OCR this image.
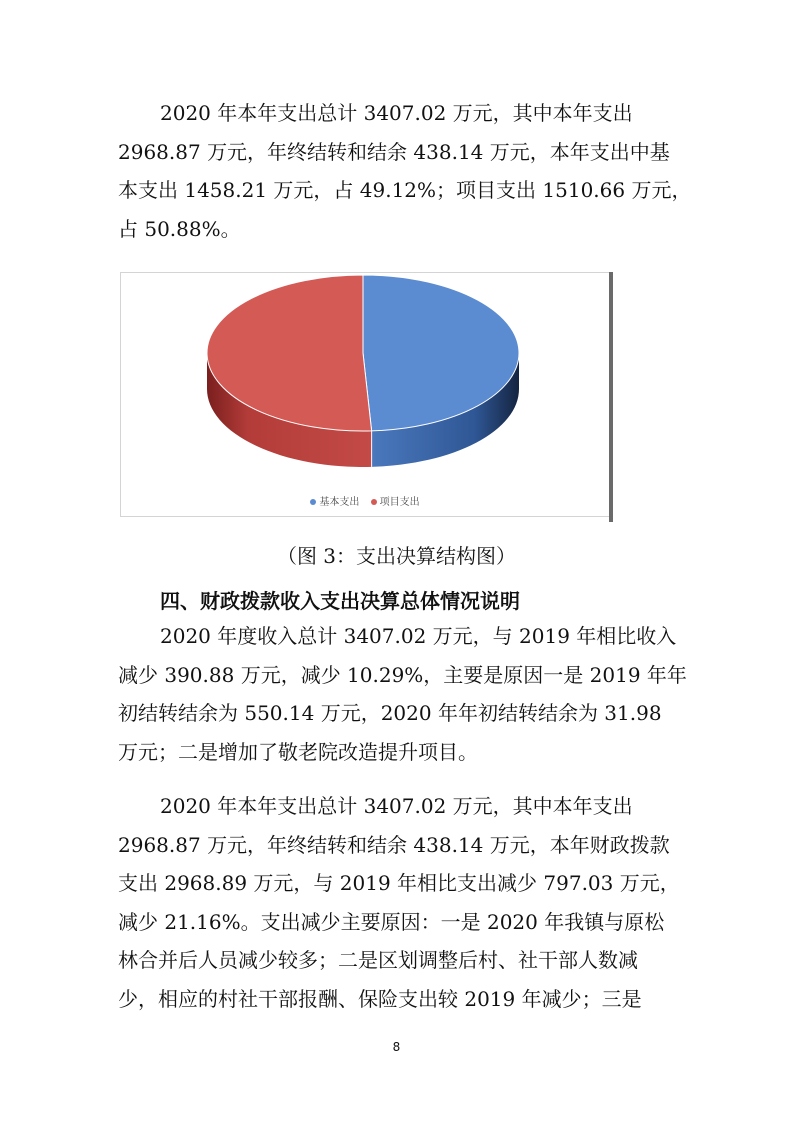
2020 年本年支出总计 3407.02 万元，其中本年支出
2968.87 万元，年终结转和结余 438.14 万元，本年支出中基
本支出 1458.21 万元，占 49.12%；项目支出 1510.66 万元，
占 50.88%。
基本支出 项目支出
（图 3：支出决算结构图）
四、财政拨款收入支出决算总体情况说明
2020 年度收入总计 3407.02 万元，与 2019 年相比收入
减少 390.88 万元，减少 10.29%，主要是原因一是 2019 年年
初结转结余为 550.14 万元，2020 年年初结转结余为 31.98
万元；二是增加了敬老院改造提升项目。
2020 年本年支出总计 3407.02 万元，其中本年支出
2968.87 万元，年终结转和结余 438.14 万元，本年财政拨款
支出 2968.89 万元，与 2019 年相比支出减少 797.03 万元，
减少 21.16%。支出减少主要原因：一是 2020 年我镇与原松
林合并后人员减少较多；二是区划调整后村、社干部人数减
少，相应的村社干部报酬、保险支出较 2019 年减少；三是
8
